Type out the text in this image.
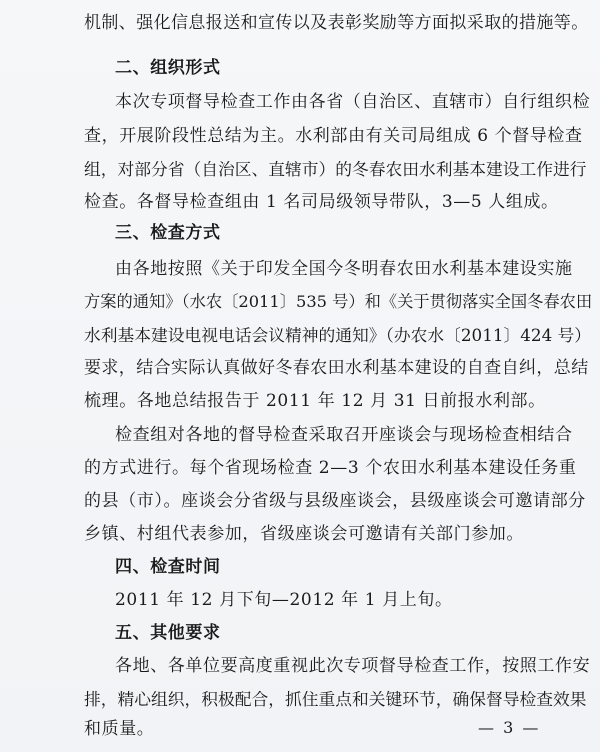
机制、强化信息报送和宣传以及表彰奖励等方面拟采取的措施等。
二、组织形式
本次专项督导检查工作由各省（自治区、直辖市）自行组织检
查，开展阶段性总结为主。水利部由有关司局组成 6 个督导检查
组，对部分省（自治区、直辖市）的冬春农田水利基本建设工作进行
检查。各督导检查组由 1 名司局级领导带队，3—5 人组成。
三、检查方式
由各地按照《关于印发全国今冬明春农田水利基本建设实施
方案的通知》（水农〔2011〕535 号）和《关于贯彻落实全国冬春农田
水利基本建设电视电话会议精神的通知》（办农水〔2011〕424 号）
要求，结合实际认真做好冬春农田水利基本建设的自查自纠，总结
梳理。各地总结报告于 2011 年 12 月 31 日前报水利部。
检查组对各地的督导检查采取召开座谈会与现场检查相结合
的方式进行。每个省现场检查 2—3 个农田水利基本建设任务重
的县（市）。座谈会分省级与县级座谈会，县级座谈会可邀请部分
乡镇、村组代表参加，省级座谈会可邀请有关部门参加。
四、检查时间
2011 年 12 月下旬—2012 年 1 月上旬。
五、其他要求
各地、各单位要高度重视此次专项督导检查工作，按照工作安
排，精心组织，积极配合，抓住重点和关键环节，确保督导检查效果
和质量。	— 3 —
